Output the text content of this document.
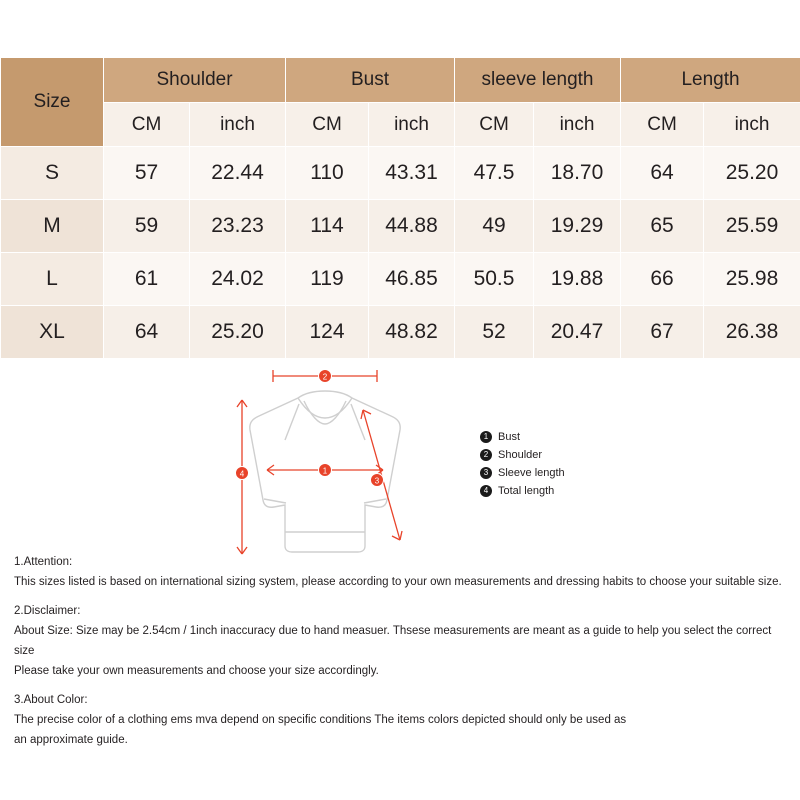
Size	Shoulder		Bust		sleeve length		Length	
	CM	inch	CM	inch	CM	inch	CM	inch
S	57	22.44	110	43.31	47.5	18.70	64	25.20
M	59	23.23	114	44.88	49	19.29	65	25.59
L	61	24.02	119	46.85	50.5	19.88	66	25.98
XL	64	25.20	124	48.82	52	20.47	67	26.38
2
1
4
3
1 Bust
2 Shoulder
3 Sleeve length
4 Total length

1.Attention:

This sizes listed is based on international sizing system, please according to your own measurements and dressing habits to choose your suitable size.

2.Disclaimer:

About Size: Size may be 2.54cm / 1inch inaccuracy due to hand measuer. Thsese measurements are meant as a guide to help you select the correct size

Please take your own measurements and choose your size accordingly.

3.About Color:

The precise color of a clothing ems mva depend on specific conditions The items colors depicted should only be used as

an approximate guide.
